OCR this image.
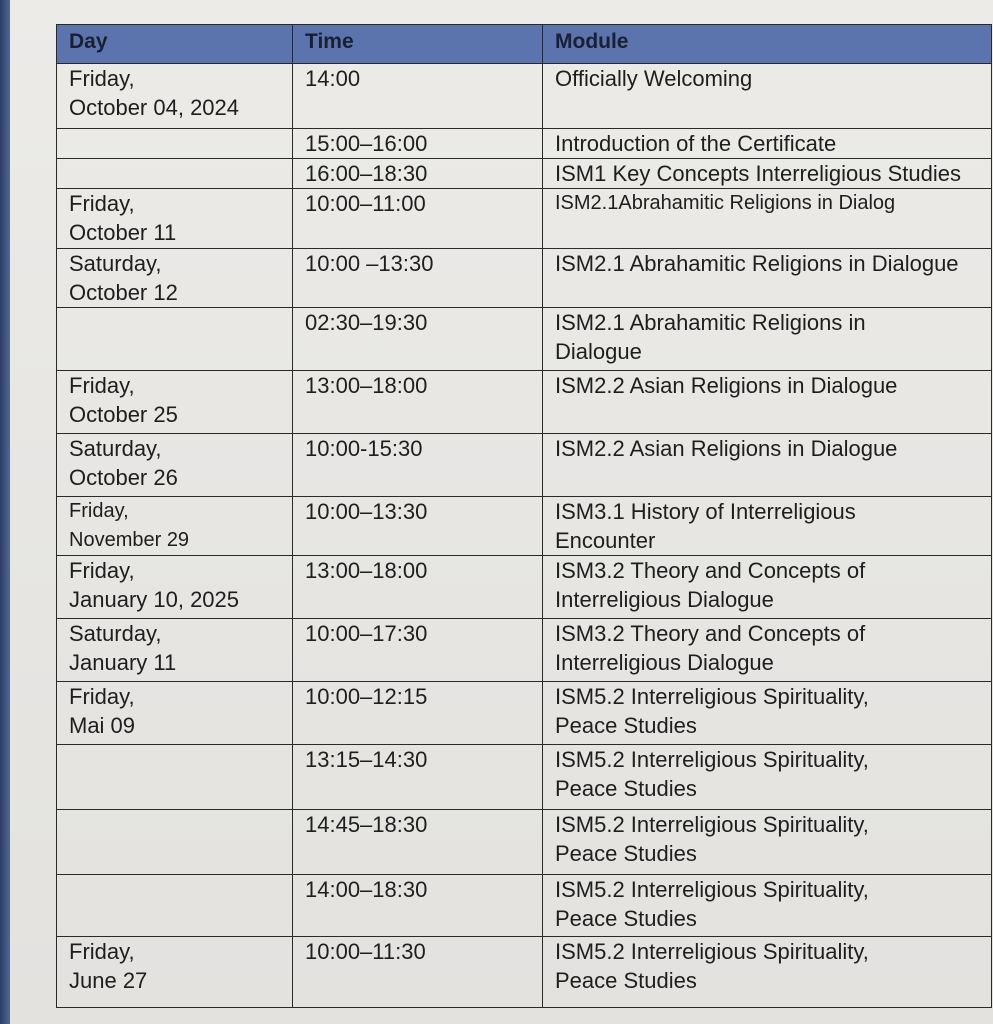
Day	Time	Module

Friday,
October 04, 2024	14:00	Officially Welcoming

	15:00–16:00	Introduction of the Certificate

	16:00–18:30	ISM1 Key Concepts Interreligious Studies

Friday,
October 11	10:00–11:00	ISM2.1Abrahamitic Religions in Dialog

Saturday,
October 12	10:00 –13:30	ISM2.1 Abrahamitic Religions in Dialogue

	02:30–19:30	ISM2.1 Abrahamitic Religions in
Dialogue

Friday,
October 25	13:00–18:00	ISM2.2 Asian Religions in Dialogue

Saturday,
October 26	10:00-15:30	ISM2.2 Asian Religions in Dialogue

Friday,
November 29	10:00–13:30	ISM3.1 History of Interreligious
Encounter

Friday,
January 10, 2025	13:00–18:00	ISM3.2 Theory and Concepts of
Interreligious Dialogue

Saturday,
January 11	10:00–17:30	ISM3.2 Theory and Concepts of
Interreligious Dialogue

Friday,
Mai 09	10:00–12:15	ISM5.2 Interreligious Spirituality,
Peace Studies

	13:15–14:30	ISM5.2 Interreligious Spirituality,
Peace Studies

	14:45–18:30	ISM5.2 Interreligious Spirituality,
Peace Studies

	14:00–18:30	ISM5.2 Interreligious Spirituality,
Peace Studies

Friday,
June 27	10:00–11:30	ISM5.2 Interreligious Spirituality,
Peace Studies
